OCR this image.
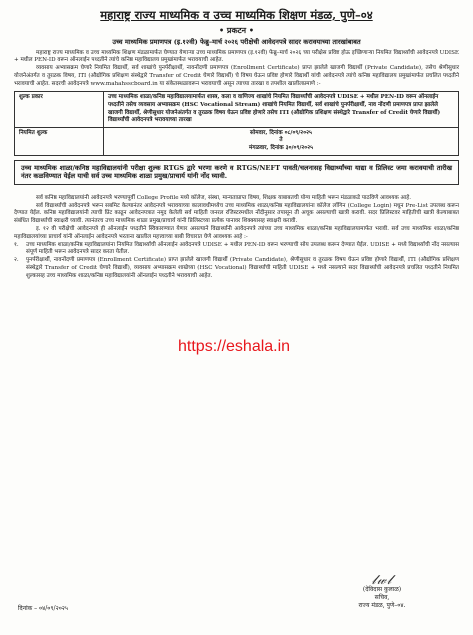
महाराष्ट्र राज्य माध्यमिक व उच्च माध्यमिक शिक्षण मंडळ, पुणे–०४

• प्रकटन •

उच्च माध्यमिक प्रमाणपत्र (इ.१२वी) फेब्रु–मार्च २०२६ परीक्षेची आवेदनपत्रे सादर करावयाच्या तारखांबाबत

महाराष्ट्र राज्य माध्यमिक व उच्च माध्यमिक शिक्षण मंडळामार्फत घेण्यात येणाऱ्या उच्च माध्यमिक प्रमाणपत्र (इ.१२वी) फेब्रु–मार्च २०२६ च्या परीक्षेस प्रविष्ट होऊ इच्छिणाऱ्या नियमित विद्यार्थ्यांची आवेदनपत्रे UDISE + मधील PEN-ID वरून ऑनलाईन पध्दतीने त्यांचे कनिष्ठ महाविद्यालय प्रमुखांमार्फत भरावयाची आहेत.

व्यवसाय अभ्यासक्रम घेणारे नियमित विद्यार्थी, सर्व शाखांचे पुनर्परीक्षार्थी, नावनोंदणी प्रमाणपत्र (Enrollment Certificate) प्राप्त झालेले खाजगी विद्यार्थी (Private Candidate), तसेच श्रेणीसुधार योजनेअंतर्गत व तुरळक विषय, ITI (औद्योगिक प्रशिक्षण संस्थेद्वारे Transfer of Credit घेणारे विद्यार्थी) चे विषय घेऊन प्रविष्ट होणारे विद्यार्थी यांची आवेदनपत्रे त्यांचे कनिष्ठ महाविद्यालय प्रमुखांमार्फत प्रचलित पध्दतीने भरावयाची आहेत. सदरची आवेदनपत्रे www.mahahsscboard.in या संकेतस्थळावरून भरावयाची असून त्याच्या तारखा व तपशील खालीलप्रमाणे :-

शुल्क प्रकार	उच्च माध्यमिक शाळा/कनिष्ठ महाविद्यालयामार्फत शास्त्र, कला व वाणिज्य शाखांचे नियमित विद्यार्थ्यांची आवेदनपत्रे UDISE + मधील PEN-ID वरून ऑनलाईन पध्दतीने तसेच व्यवसाय अभ्यासक्रम (HSC Vocational Stream) शाखांचे नियमित विद्यार्थी, सर्व शाखांचे पुनर्परीक्षार्थी, नाव नोंदणी प्रमाणपत्र प्राप्त झालेले खाजगी विद्यार्थी, श्रेणीसुधार योजनेअंतर्गत व तुरळक विषय घेऊन प्रविष्ट होणारे तसेच ITI (औद्योगिक प्रशिक्षण संस्थेद्वारे Transfer of Credit घेणारे विद्यार्थी) विद्यार्थ्यांची आवेदनपत्रे भरावयाच्या तारखा
नियमित शुल्क	सोमवार, दिनांक ०८/०९/२०२५
ते
मंगळवार, दिनांक ३०/०९/२०२५
उच्च माध्यमिक शाळा/कनिष्ठ महाविद्यालयांनी परीक्षा शुल्क RTGS द्वारे भरणा करणे व RTGS/NEFT पावती/चलनासह विद्यार्थ्यांच्या याद्या व प्रिलिस्ट जमा करावयाची तारीख नंतर कळविण्यात येईल याची सर्व उच्च माध्यमिक शाळा प्रमुख/प्राचार्य यांनी नोंद घ्यावी.

सर्व कनिष्ठ महाविद्यालयांनी आवेदनपत्रे भरण्यापूर्वी College Profile मध्ये कॉलेज, संस्था, मान्यताप्राप्त विषय, शिक्षक याबाबतची योग्य माहिती भरून मंडळाकडे पाठविणे आवश्यक आहे.

सर्व विद्यार्थ्यांची आवेदनपत्रे भरून सबमिट केल्यानंतर आवेदनपत्रे भरावयाच्या कालावधीमध्येच उच्च माध्यमिक शाळा/कनिष्ठ महाविद्यालयांना कॉलेज लॉगिन (College Login) मधून Pre-List उपलब्ध करून देण्यात येईल. कनिष्ठ महाविद्यालयांनी त्याची प्रिंट काढून आवेदनपत्रात नमूद केलेली सर्व माहिती जनरल रजिस्टरमधील नोंदीनुसार तपासून ती अचूक असल्याची खात्री करावी. सदर प्रिलिस्टवर माहितीची खात्री केल्याबाबत संबंधित विद्यार्थ्याची स्वाक्षरी घ्यावी. त्यानंतरच उच्च माध्यमिक शाळा प्रमुख/प्राचार्य यांनी प्रिलिस्टच्या प्रत्येक पानावर शिक्क्यासह स्वाक्षरी करावी.

इ. १२ वी परीक्षेची आवेदनपत्रे ही ऑनलाईन पध्दतीने स्विकारण्यात येणार असल्याने विद्यार्थ्यांनी आवेदनपत्रे त्यांच्या उच्च माध्यमिक शाळा/कनिष्ठ महाविद्यालयामार्फत भरावी. सर्व उच्च माध्यमिक शाळा/कनिष्ठ महाविद्यालयांच्या प्राचार्य यांनी ऑनलाईन आवेदनपत्रे भरताना खालील महत्त्वाच्या बाबी विचारात घेणे आवश्यक आहे :-

१.	उच्च माध्यमिक शाळा/कनिष्ठ महाविद्यालयांना नियमित विद्यार्थ्यांची ऑनलाईन आवेदनपत्रे UDISE + मधील PEN-ID वरून भरण्याची सोय उपलब्ध करून देण्यात येईल. UDISE + मध्ये विद्यार्थ्यांची नोंद नसल्यास संपूर्ण माहिती भरून आवेदनपत्रे सादर करता येतील.
२.	पुनर्परीक्षार्थी, नावनोंदणी प्रमाणपत्र (Enrollment Certificate) प्राप्त झालेले खाजगी विद्यार्थी (Private Candidate), श्रेणीसुधार व तुरळक विषय घेऊन प्रविष्ट होणारे विद्यार्थी, ITI (औद्योगिक प्रशिक्षण संस्थेद्वारे Transfer of Credit घेणारे विद्यार्थी), व्यवसाय अभ्यासक्रम शाखेच्या (HSC Vocational) विद्यार्थ्यांची माहिती UDISE + मध्ये नसल्याने सदर विद्यार्थ्यांची आवेदनपत्रे प्रचलित पध्दतीने नियमित शुल्कासह उच्च माध्यमिक शाळा/कनिष्ठ महाविद्यालयांनी ऑनलाईन पध्दतीने भरावयाची आहेत.
https://eshala.in
दिनांक – ०४/०९/२०२५
𝓁𝓌𝓁
(देविदास कुलाळ)
सचिव,
राज्य मंडळ, पुणे–०४.
